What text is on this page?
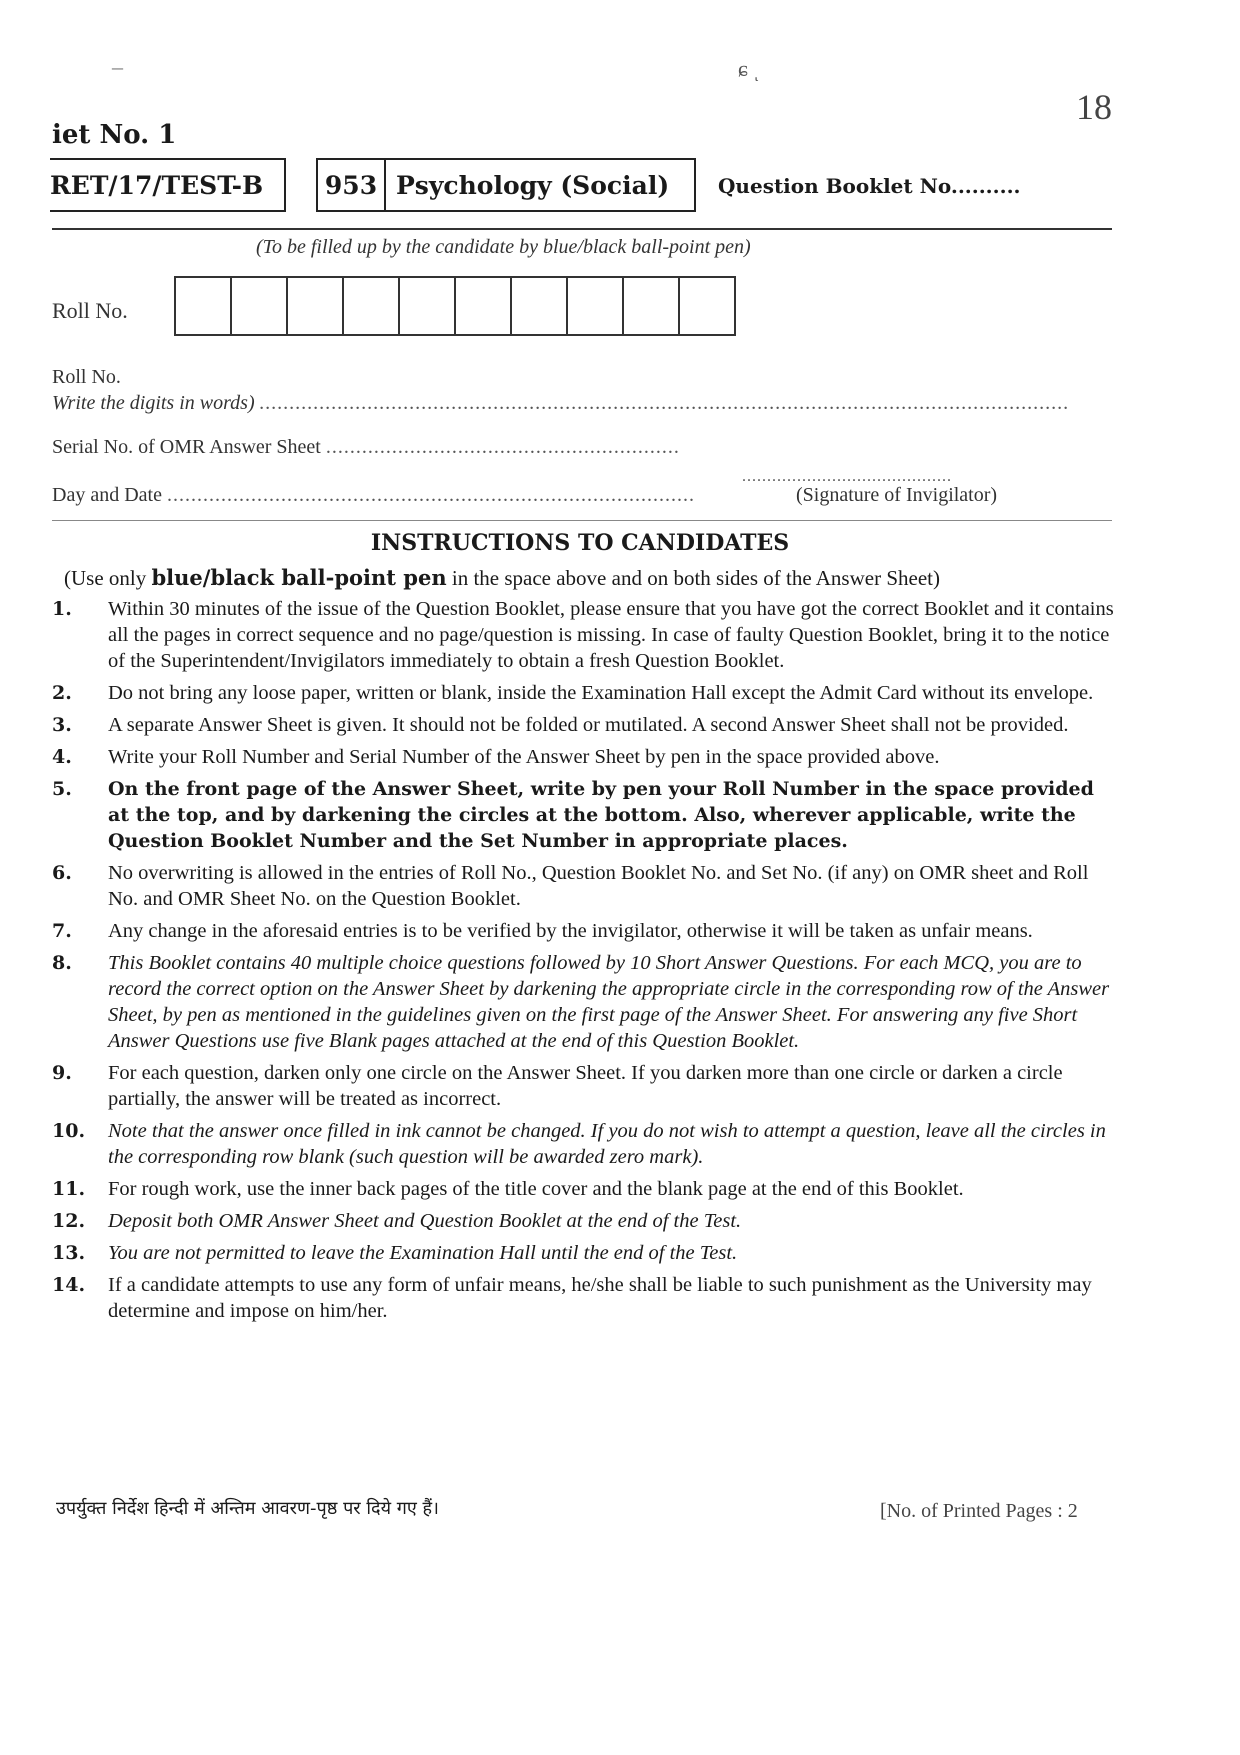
–	ɕ ͺ
18
iet No. 1
RET/17/TEST-B 953 Psychology (Social) Question Booklet No..........
(To be filled up by the candidate by blue/black ball-point pen)
Roll No.
Roll No.
Write the digits in words) .......................................................................................................................................
Serial No. of OMR Answer Sheet ...........................................................
Day and Date ........................................................................................
..........................................
(Signature of Invigilator)
INSTRUCTIONS TO CANDIDATES
(Use only blue/black ball-point pen in the space above and on both sides of the Answer Sheet)
1.	Within 30 minutes of the issue of the Question Booklet, please ensure that you have got the correct Booklet and it contains all the pages in correct sequence and no page/question is missing. In case of faulty Question Booklet, bring it to the notice of the Superintendent/Invigilators immediately to obtain a fresh Question Booklet.
2.	Do not bring any loose paper, written or blank, inside the Examination Hall except the Admit Card without its envelope.
3.	A separate Answer Sheet is given. It should not be folded or mutilated. A second Answer Sheet shall not be provided.
4.	Write your Roll Number and Serial Number of the Answer Sheet by pen in the space provided above.
5.	On the front page of the Answer Sheet, write by pen your Roll Number in the space provided at the top, and by darkening the circles at the bottom. Also, wherever applicable, write the Question Booklet Number and the Set Number in appropriate places.
6.	No overwriting is allowed in the entries of Roll No., Question Booklet No. and Set No. (if any) on OMR sheet and Roll No. and OMR Sheet No. on the Question Booklet.
7.	Any change in the aforesaid entries is to be verified by the invigilator, otherwise it will be taken as unfair means.
8.	This Booklet contains 40 multiple choice questions followed by 10 Short Answer Questions. For each MCQ, you are to record the correct option on the Answer Sheet by darkening the appropriate circle in the corresponding row of the Answer Sheet, by pen as mentioned in the guidelines given on the first page of the Answer Sheet. For answering any five Short Answer Questions use five Blank pages attached at the end of this Question Booklet.
9.	For each question, darken only one circle on the Answer Sheet. If you darken more than one circle or darken a circle partially, the answer will be treated as incorrect.
10.	Note that the answer once filled in ink cannot be changed. If you do not wish to attempt a question, leave all the circles in the corresponding row blank (such question will be awarded zero mark).
11.	For rough work, use the inner back pages of the title cover and the blank page at the end of this Booklet.
12.	Deposit both OMR Answer Sheet and Question Booklet at the end of the Test.
13.	You are not permitted to leave the Examination Hall until the end of the Test.
14.	If a candidate attempts to use any form of unfair means, he/she shall be liable to such punishment as the University may determine and impose on him/her.
उपर्युक्त निर्देश हिन्दी में अन्तिम आवरण-पृष्ठ पर दिये गए हैं।	[No. of Printed Pages : 2
